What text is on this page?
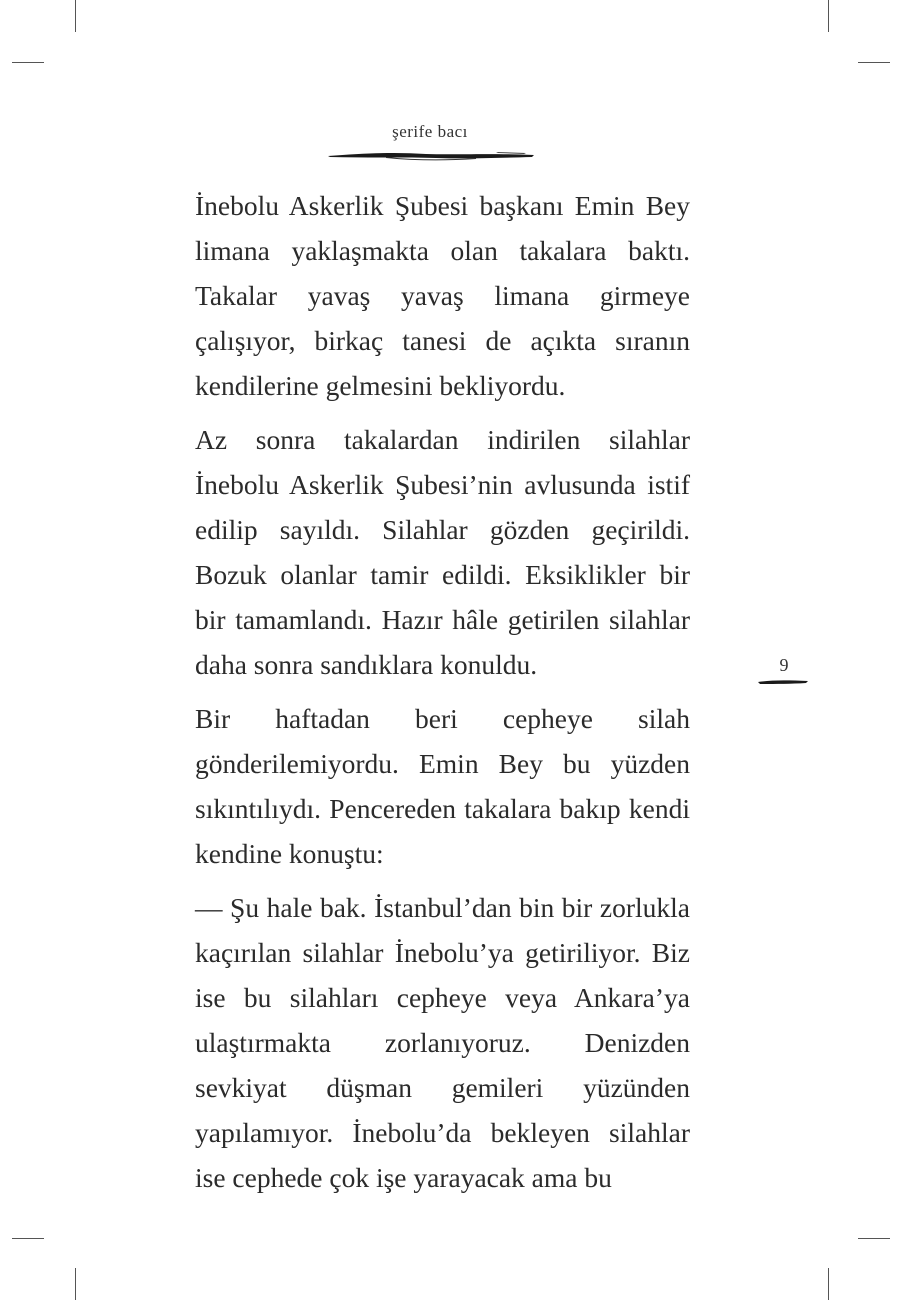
şerife bacı

İnebolu Askerlik Şubesi başkanı Emin Bey limana yaklaşmakta olan takalara baktı. Takalar yavaş yavaş limana girmeye çalışıyor, birkaç tanesi de açıkta sıranın kendilerine gelmesini bekliyordu.

Az sonra takalardan indirilen silahlar İnebolu Askerlik Şubesi’nin avlusunda istif edilip sayıldı. Silahlar gözden geçirildi. Bozuk olanlar tamir edildi. Eksiklikler bir bir tamamlandı. Hazır hâle getirilen silahlar daha sonra sandıklara konuldu.

Bir haftadan beri cepheye silah gönderilemiyordu. Emin Bey bu yüzden sıkıntılıydı. Pencereden takalara bakıp kendi kendine konuştu:

— Şu hale bak. İstanbul’dan bin bir zorlukla kaçırılan silahlar İnebolu’ya getiriliyor. Biz ise bu silahları cepheye veya Ankara’ya ulaştırmakta zorlanıyoruz. Denizden sevkiyat düşman gemileri yüzünden yapılamıyor. İnebolu’da bekleyen silahlar ise cephede çok işe yarayacak ama bu

9
